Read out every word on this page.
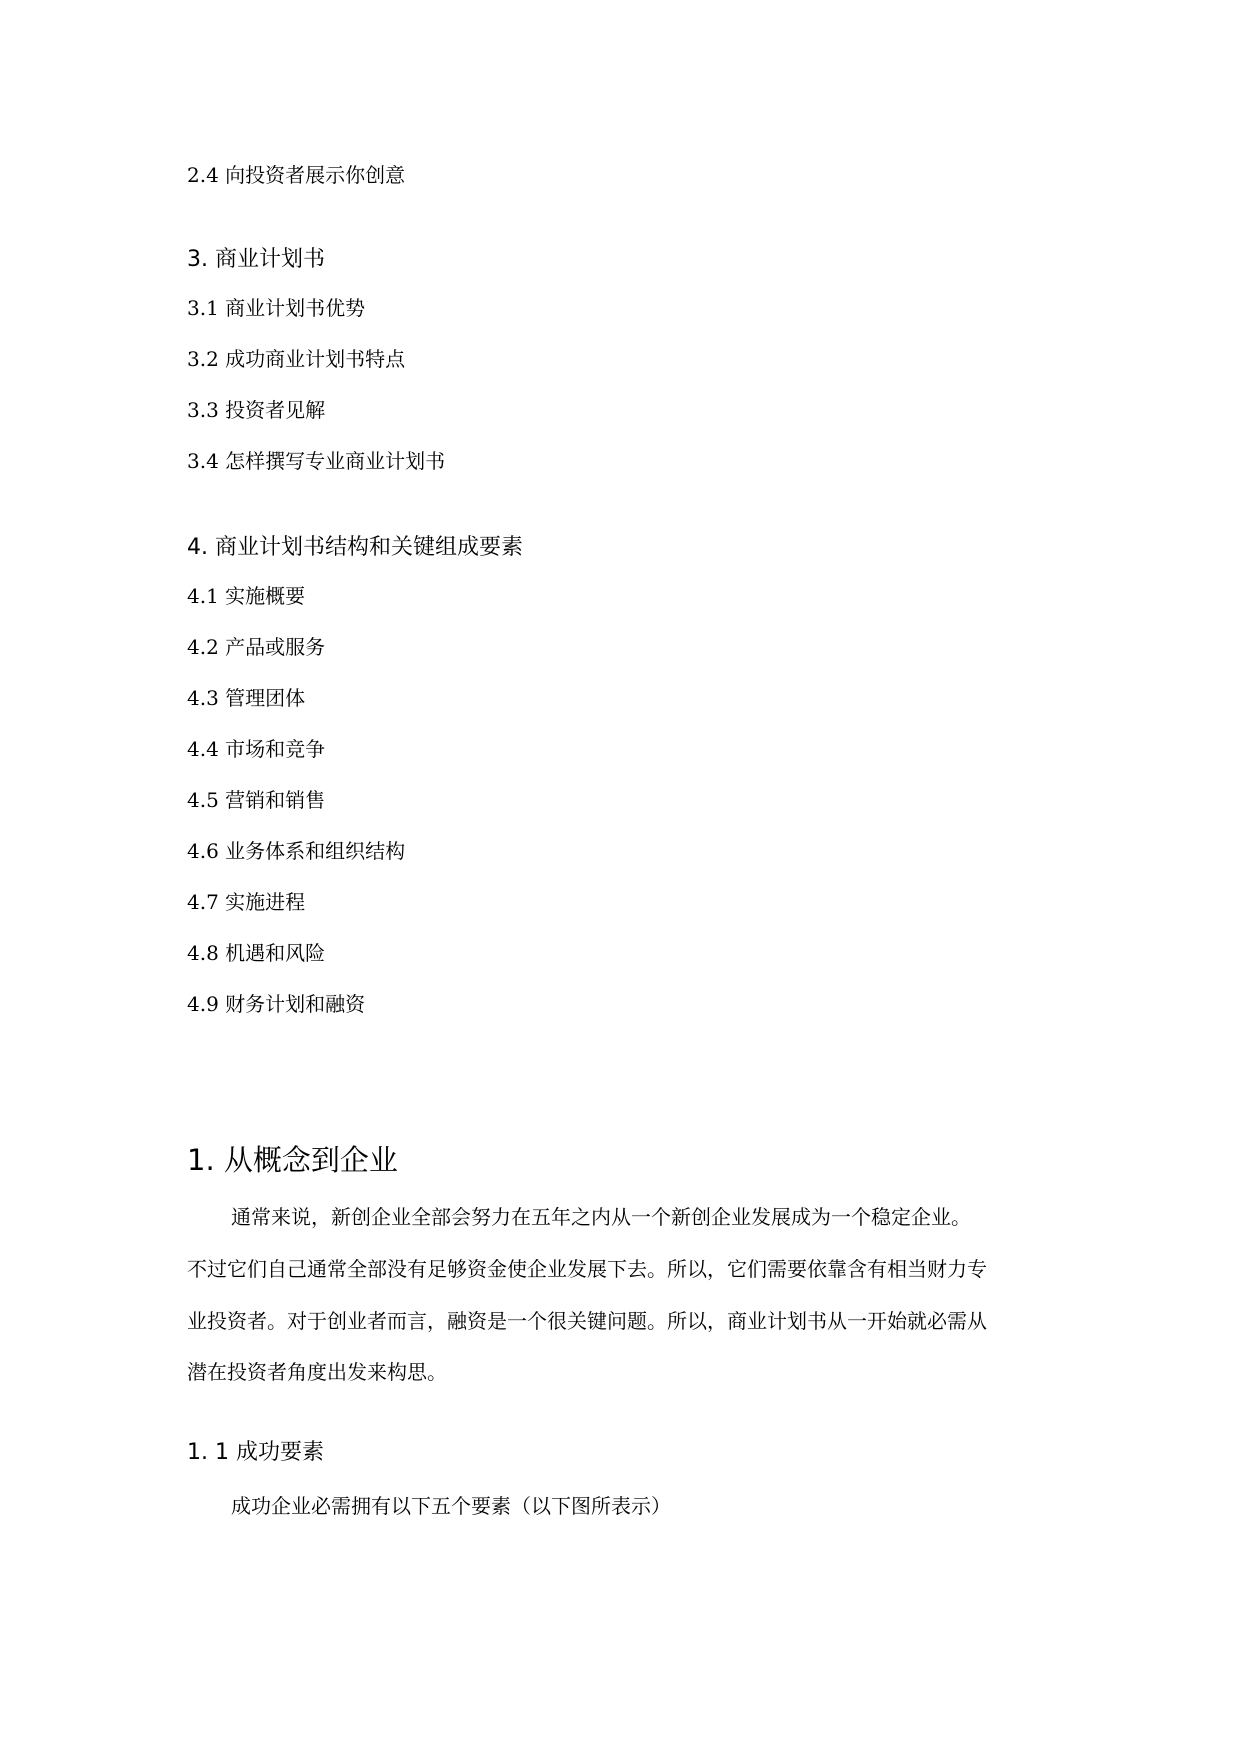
2.4 向投资者展示你创意

3. 商业计划书

3.1 商业计划书优势

3.2 成功商业计划书特点

3.3 投资者见解

3.4 怎样撰写专业商业计划书

4. 商业计划书结构和关键组成要素

4.1 实施概要

4.2 产品或服务

4.3 管理团体

4.4 市场和竞争

4.5 营销和销售

4.6 业务体系和组织结构

4.7 实施进程

4.8 机遇和风险

4.9 财务计划和融资

1. 从概念到企业

通常来说，新创企业全部会努力在五年之内从一个新创企业发展成为一个稳定企业。

不过它们自己通常全部没有足够资金使企业发展下去。所以，它们需要依靠含有相当财力专

业投资者。对于创业者而言，融资是一个很关键问题。所以，商业计划书从一开始就必需从

潜在投资者角度出发来构思。

1. 1 成功要素

成功企业必需拥有以下五个要素（以下图所表示）
